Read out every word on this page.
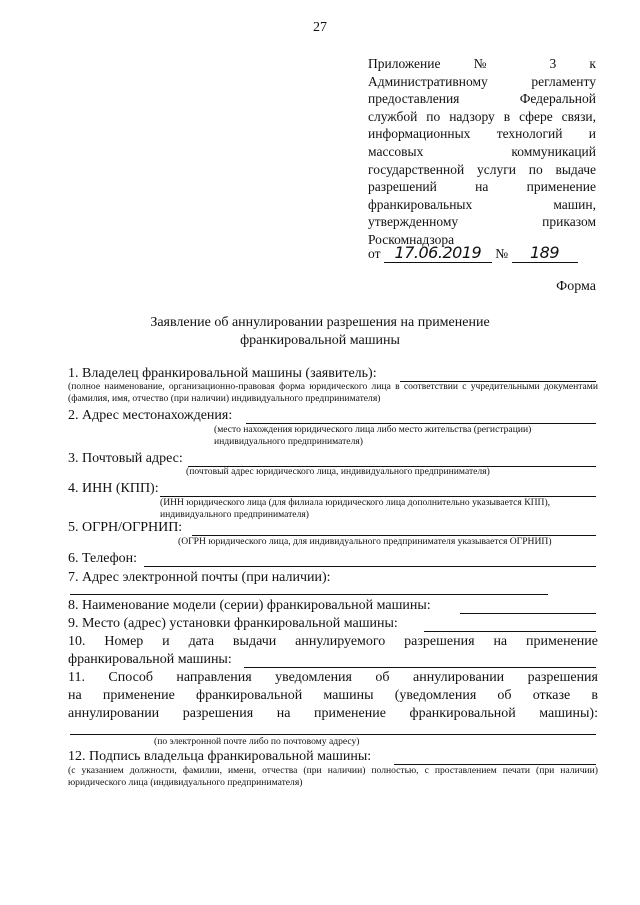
27
Приложение № 3 к
Административному регламенту
предоставления Федеральной
службой по надзору в сфере связи,
информационных технологий и
массовых коммуникаций
государственной услуги по выдаче
разрешений на применение
франкировальных машин,
утвержденному приказом
Роскомнадзора
от 17.06.2019 № 189
Форма
Заявление об аннулировании разрешения на применение
франкировальной машины
1. Владелец франкировальной машины (заявитель):
(полное наименование, организационно-правовая форма юридического лица в соответствии с учредительными документами (фамилия, имя, отчество (при наличии) индивидуального предпринимателя)
2. Адрес местонахождения:
(место нахождения юридического лица либо место жительства (регистрации)
индивидуального предпринимателя)
3. Почтовый адрес:
(почтовый адрес юридического лица, индивидуального предпринимателя)
4. ИНН (КПП):
(ИНН юридического лица (для филиала юридического лица дополнительно указывается КПП),
индивидуального предпринимателя)
5. ОГРН/ОГРНИП:
(ОГРН юридического лица, для индивидуального предпринимателя указывается ОГРНИП)
6. Телефон:
7. Адрес электронной почты (при наличии):
8. Наименование модели (серии) франкировальной машины:
9. Место (адрес) установки франкировальной машины:
10. Номер и дата выдачи аннулируемого разрешения на применение
франкировальной машины:
11. Способ направления уведомления об аннулировании разрешения
на применение франкировальной машины (уведомления об отказе в
аннулировании разрешения на применение франкировальной машины):
(по электронной почте либо по почтовому адресу)
12. Подпись владельца франкировальной машины:
(с указанием должности, фамилии, имени, отчества (при наличии) полностью, с проставлением печати (при наличии) юридического лица (индивидуального предпринимателя)
